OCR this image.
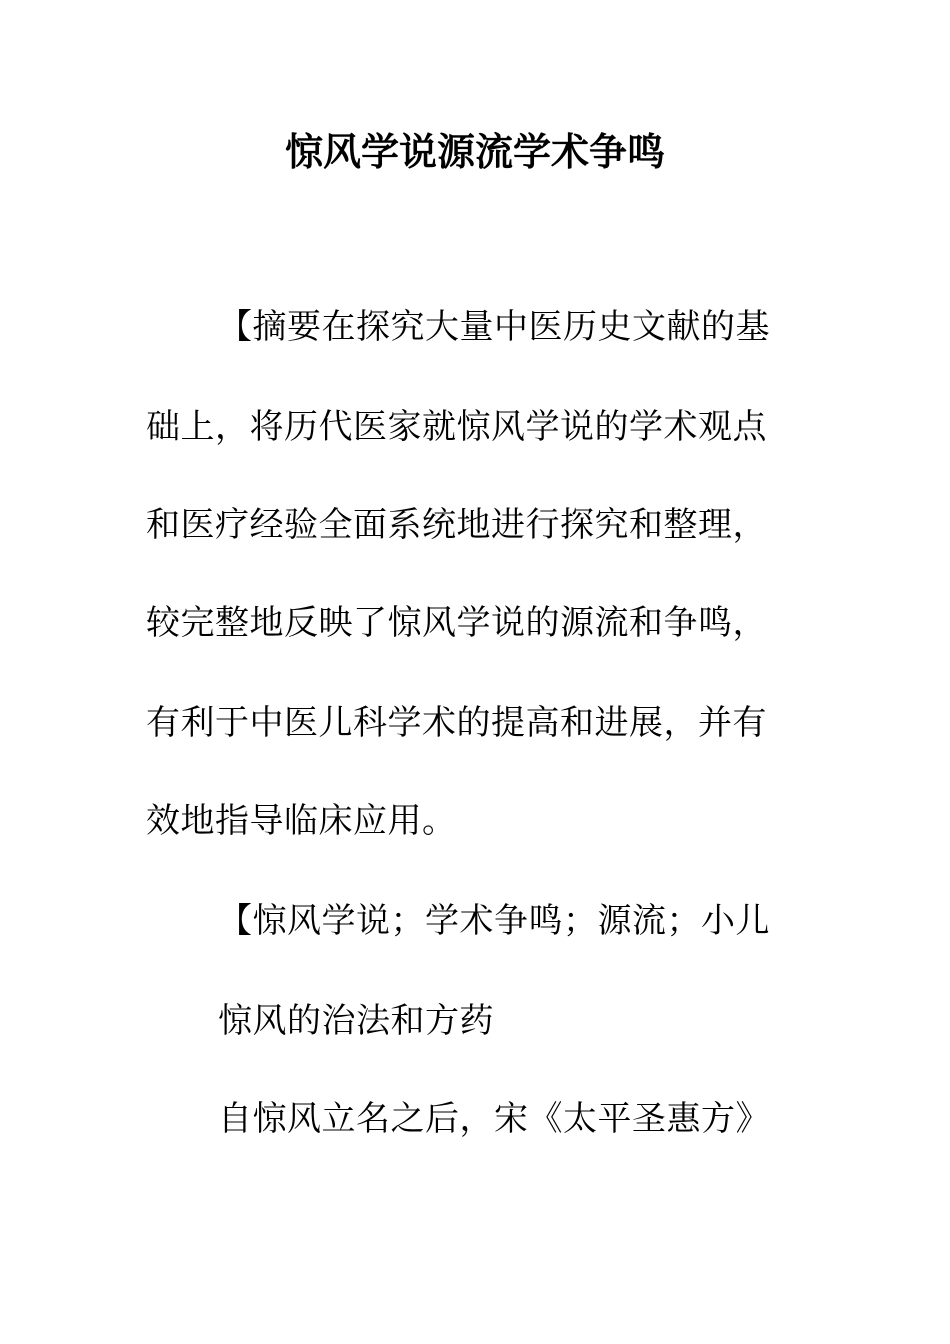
惊风学说源流学术争鸣
【摘要在探究大量中医历史文献的基
础上，将历代医家就惊风学说的学术观点
和医疗经验全面系统地进行探究和整理，
较完整地反映了惊风学说的源流和争鸣，
有利于中医儿科学术的提高和进展，并有
效地指导临床应用。
【惊风学说；学术争鸣；源流；小儿
惊风的治法和方药
自惊风立名之后，宋《太平圣惠方》
